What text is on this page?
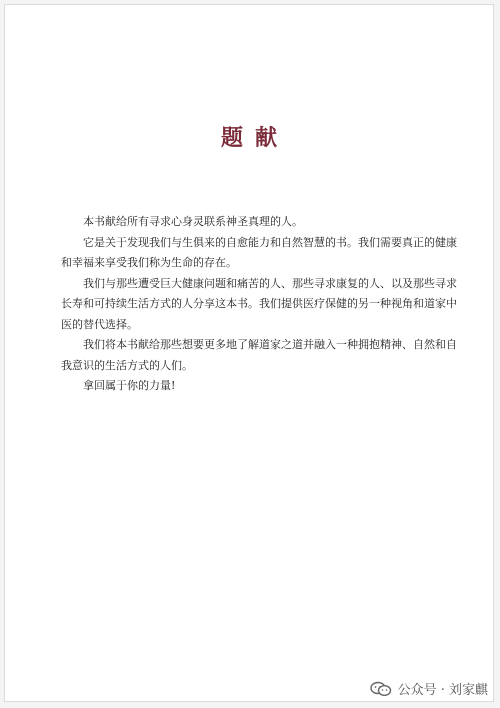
题献

本书献给所有寻求心身灵联系神圣真理的人。

它是关于发现我们与生俱来的自愈能力和自然智慧的书。我们需要真正的健康和幸福来享受我们称为生命的存在。

我们与那些遭受巨大健康问题和痛苦的人、那些寻求康复的人、以及那些寻求长寿和可持续生活方式的人分享这本书。我们提供医疗保健的另一种视角和道家中医的替代选择。

我们将本书献给那些想要更多地了解道家之道并融入一种拥抱精神、自然和自我意识的生活方式的人们。

拿回属于你的力量!

公众号 · 刘家麒
